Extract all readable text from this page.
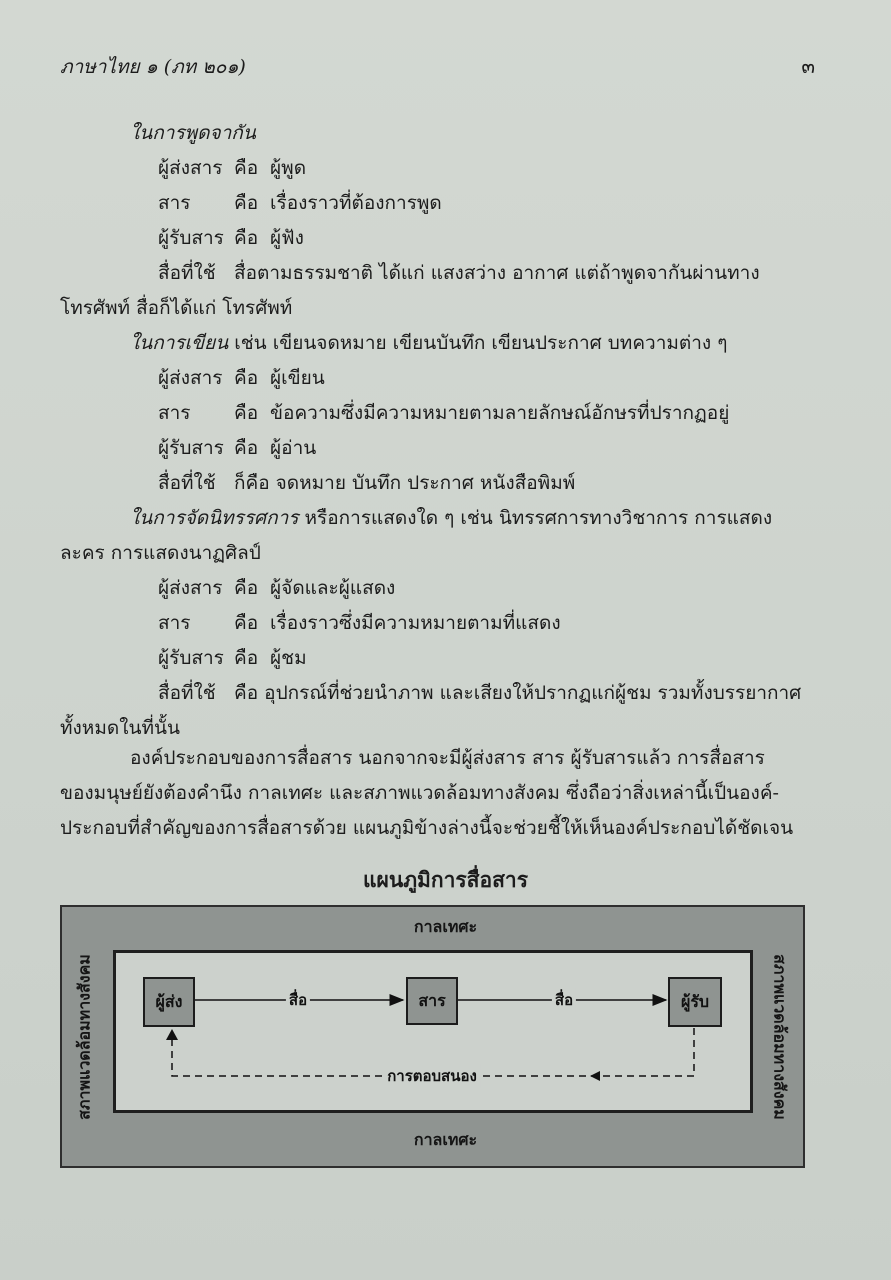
ภาษาไทย ๑ (ภท ๒๐๑)	๓
ในการพูดจากัน
ผู้ส่งสาร คือ ผู้พูด
สาร คือ เรื่องราวที่ต้องการพูด
ผู้รับสาร คือ ผู้ฟัง
สื่อที่ใช้ สื่อตามธรรมชาติ ได้แก่ แสงสว่าง อากาศ แต่ถ้าพูดจากันผ่านทาง
โทรศัพท์ สื่อก็ได้แก่ โทรศัพท์
ในการเขียน เช่น เขียนจดหมาย เขียนบันทึก เขียนประกาศ บทความต่าง ๆ
ผู้ส่งสาร คือ ผู้เขียน
สาร คือ ข้อความซึ่งมีความหมายตามลายลักษณ์อักษรที่ปรากฏอยู่
ผู้รับสาร คือ ผู้อ่าน
สื่อที่ใช้ ก็คือ จดหมาย บันทึก ประกาศ หนังสือพิมพ์
ในการจัดนิทรรศการ หรือการแสดงใด ๆ เช่น นิทรรศการทางวิชาการ การแสดง
ละคร การแสดงนาฏศิลป์
ผู้ส่งสาร คือ ผู้จัดและผู้แสดง
สาร คือ เรื่องราวซึ่งมีความหมายตามที่แสดง
ผู้รับสาร คือ ผู้ชม
สื่อที่ใช้ คือ อุปกรณ์ที่ช่วยนำภาพ และเสียงให้ปรากฏแก่ผู้ชม รวมทั้งบรรยากาศ
ทั้งหมดในที่นั้น
องค์ประกอบของการสื่อสาร นอกจากจะมีผู้ส่งสาร สาร ผู้รับสารแล้ว การสื่อสาร
ของมนุษย์ยังต้องคำนึง กาลเทศะ และสภาพแวดล้อมทางสังคม ซึ่งถือว่าสิ่งเหล่านี้เป็นองค์-
ประกอบที่สำคัญของการสื่อสารด้วย แผนภูมิข้างล่างนี้จะช่วยชี้ให้เห็นองค์ประกอบได้ชัดเจน
แผนภูมิการสื่อสาร
กาลเทศะ
กาลเทศะ
สภาพแวดล้อมทางสังคม	สภาพแวดล้อมทางสังคม
สื่อ	สื่อ
การตอบสนอง
ผู้ส่ง	สาร	ผู้รับ
